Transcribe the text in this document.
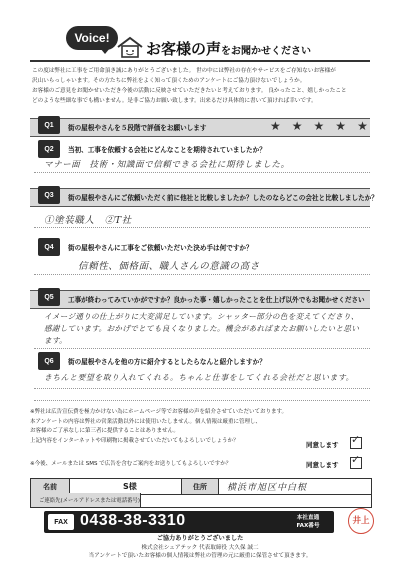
Voice!
お客様の声をお聞かせください

この度は弊社に工事をご用命頂き誠にありがとうございました。 世の中には弊社の存在やサービスをご存知ないお客様が

沢山いらっしゃいます。その方たちに弊社をよく知って頂くためのアンケートにご協力頂けないでしょうか。

お客様のご意見をお聞かせいただき今後の活動に反映させていただきたいと考えております。 良かったこと、嬉しかったこと

どのような些細な事でも構いません。是非ご協力お願い致します。出来るだけ具体的に書いて頂ければ幸いです。

Q1	街の屋根やさんを５段階で評価をお願いします	★ ★ ★ ★ ★
Q2	当初、工事を依頼する会社にどんなことを期待されていましたか？
マナー面　技術・知識面で信頼できる会社に期待しました。
Q3	街の屋根やさんにご依頼いただく前に他社と比較しましたか？したのならどこの会社と比較しましたか？
①塗装職人　②T社
Q4	街の屋根やさんに工事をご依頼いただいた決め手は何ですか？
信頼性、価格面、職人さんの意識の高さ
Q5	工事が終わってみていかがですか？良かった事・嬉しかったことを仕上げ以外でもお聞かせください
イメージ通りの仕上がりに大変満足しています。シャッター部分の色を変えてくださり、感謝しています。おかげでとても良くなりました。機会があればまたお願いしたいと思います。
Q6	街の屋根やさんを他の方に紹介するとしたらなんと紹介しますか？
きちんと要望を取り入れてくれる。ちゃんと仕事をしてくれる会社だと思います。

※弊社は広告宣伝費を極力かけない為にホームページ等でお客様の声を紹介させていただいております。

本アンケートの内容は弊社の営業活動以外には使用いたしません。個人情報は厳重に管理し、

お客様のご了承なしに第三者に提供することはありません。

上記内容をインターネットや印刷物に掲載させていただいてもよろしいでしょうか？

同意します ✓
※今後、メールまたは SMS で広告を含むご案内をお送りしてもよろしいですか？	同意します ✓
名前	S様	住所	横浜市旭区中白根
ご連絡先(メールアドレスまたは電話番号)
FAX 0438-38-3310	本社直通
FAX番号	井上

ご協力ありがとうございました

株式会社シェアテック 代表取締役 大久保 誠二

当アンケートで頂いたお客様の個人情報は弊社の管理の元に厳重に保管させて頂きます。
